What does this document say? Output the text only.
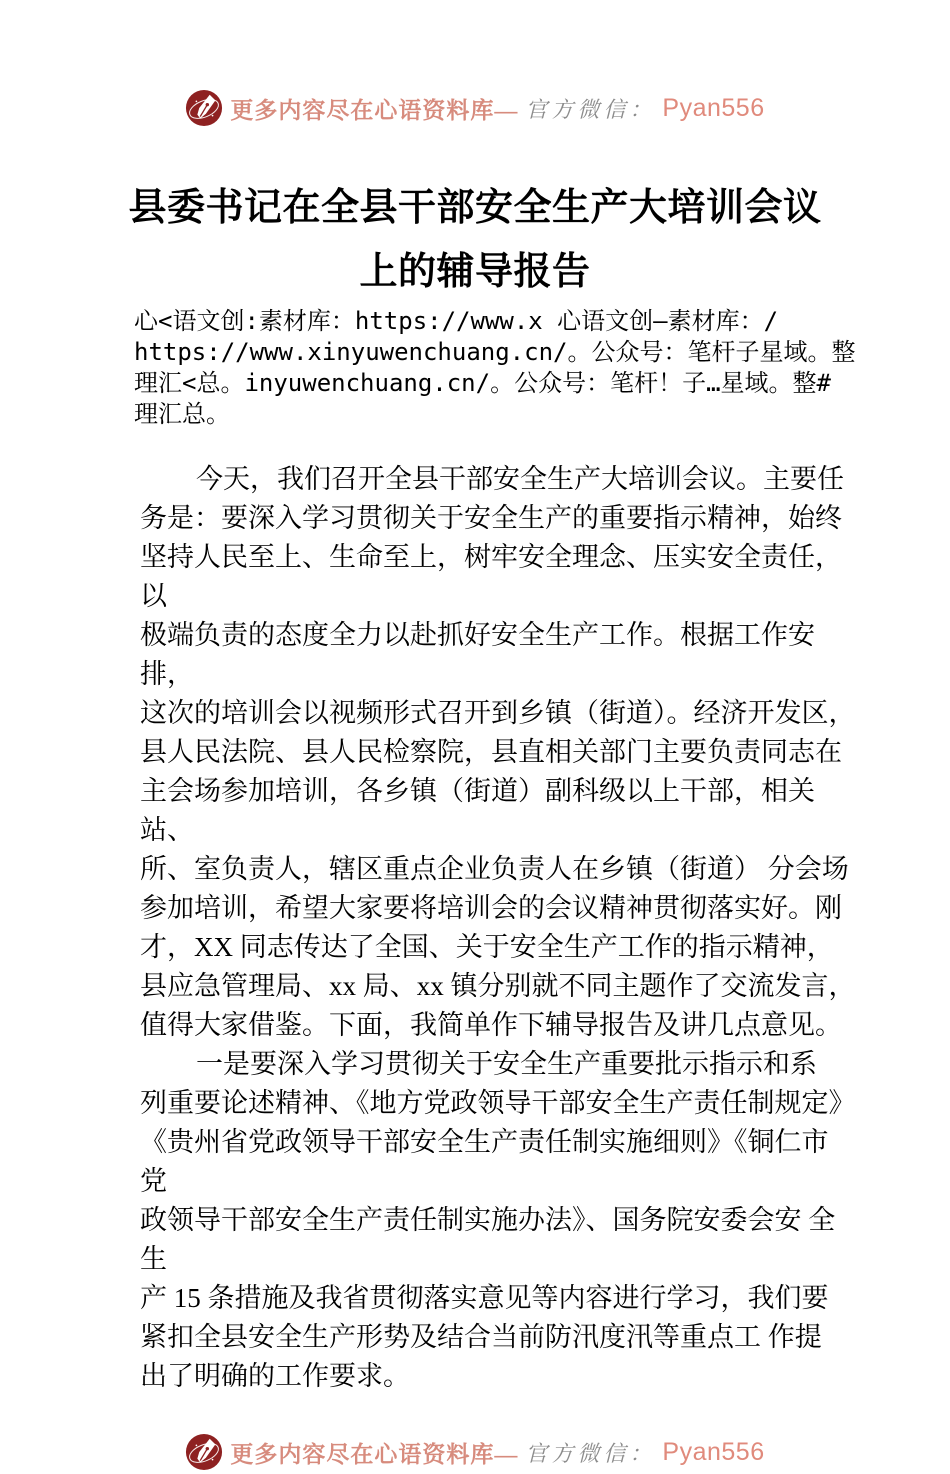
更多内容尽在心语资料库— 官方微信： Pyan556
县委书记在全县干部安全生产大培训会议
上的辅导报告
心<语文创:素材库：https://www.x 心语文创—素材库：/
https://www.xinyuwenchuang.cn/。公众号：笔杆子星域。整
理汇<总。inyuwenchuang.cn/。公众号：笔杆！子…星域。整#
理汇总。
今天，我们召开全县干部安全生产大培训会议。主要任
务是：要深入学习贯彻关于安全生产的重要指示精神，始终
坚持人民至上、生命至上，树牢安全理念、压实安全责任，  以
极端负责的态度全力以赴抓好安全生产工作。根据工作安排，
这次的培训会以视频形式召开到乡镇（街道）。经济开发区，
县人民法院、县人民检察院，县直相关部门主要负责同志在
主会场参加培训，各乡镇（街道）副科级以上干部，相关站、
所、室负责人，辖区重点企业负责人在乡镇（街道） 分会场
参加培训，希望大家要将培训会的会议精神贯彻落实好。刚
才，XX 同志传达了全国、关于安全生产工作的指示精神，
县应急管理局、xx 局、xx 镇分别就不同主题作了交流发言，
值得大家借鉴。下面，我简单作下辅导报告及讲几点意见。
一是要深入学习贯彻关于安全生产重要批示指示和系
列重要论述精神、《地方党政领导干部安全生产责任制规定》
《贵州省党政领导干部安全生产责任制实施细则》《铜仁市 党
政领导干部安全生产责任制实施办法》、国务院安委会安 全生
产 15 条措施及我省贯彻落实意见等内容进行学习，我们要
紧扣全县安全生产形势及结合当前防汛度汛等重点工 作提
出了明确的工作要求。
更多内容尽在心语资料库— 官方微信： Pyan556
